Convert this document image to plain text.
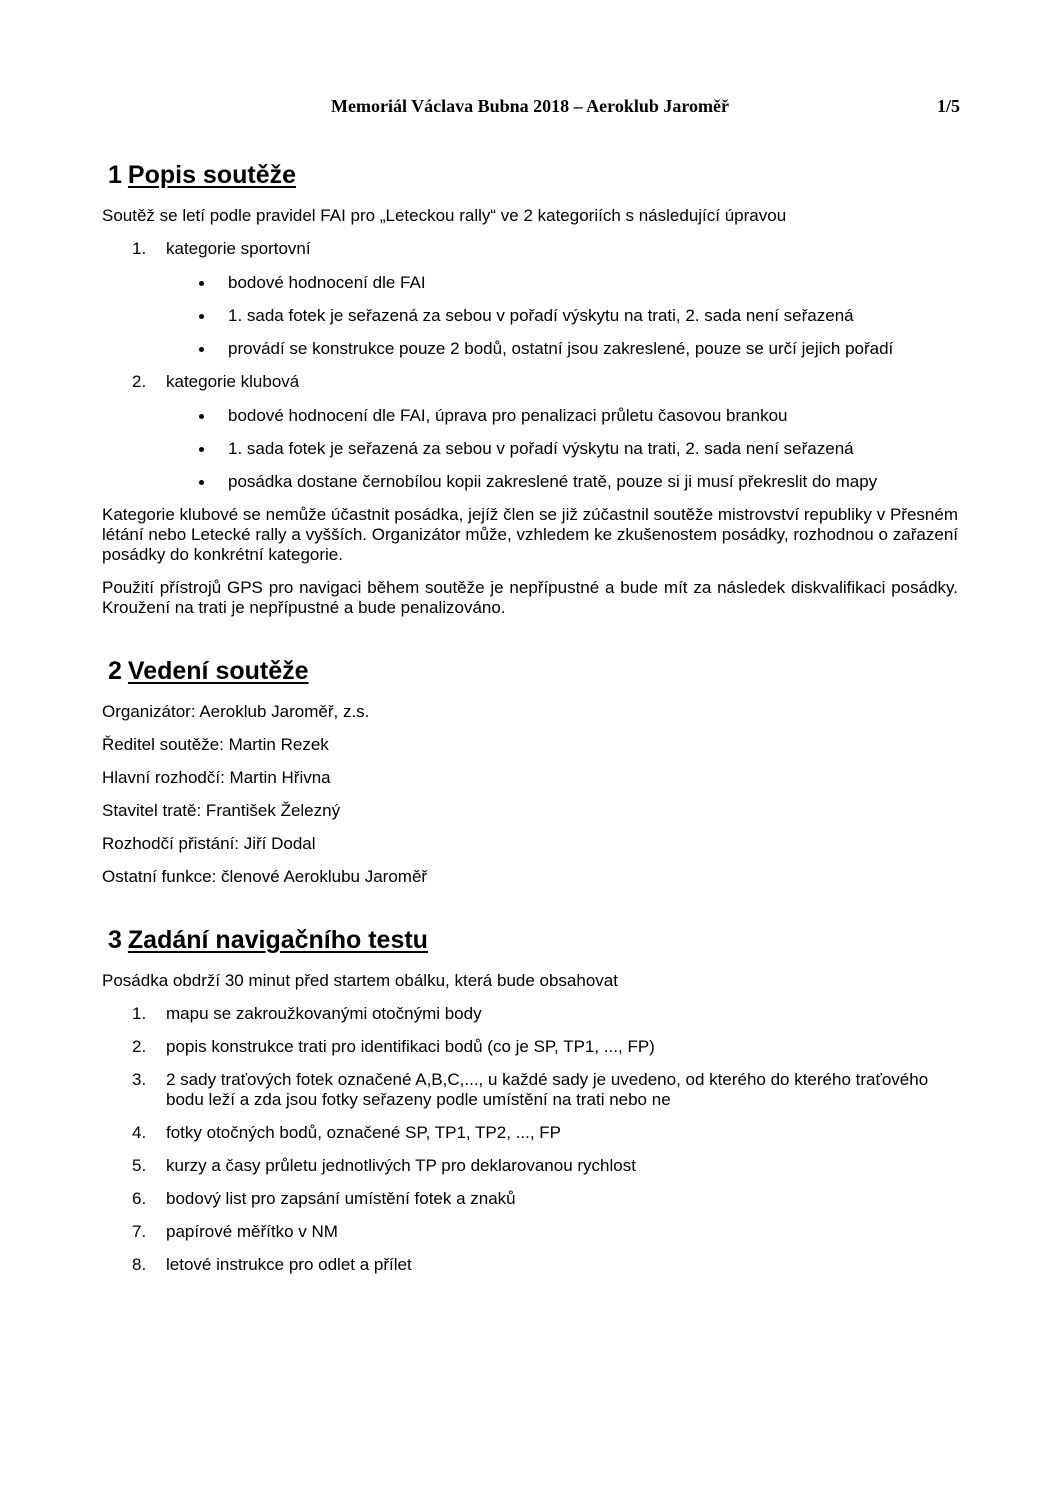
Memoriál Václava Bubna 2018 – Aeroklub Jaroměř	1/5
1 Popis soutěže

Soutěž se letí podle pravidel FAI pro „Leteckou rally“ ve 2 kategoriích s následující úpravou

1. kategorie sportovní
bodové hodnocení dle FAI
1. sada fotek je seřazená za sebou v pořadí výskytu na trati, 2. sada není seřazená
provádí se konstrukce pouze 2 bodů, ostatní jsou zakreslené, pouze se určí jejich pořadí
2. kategorie klubová
bodové hodnocení dle FAI, úprava pro penalizaci průletu časovou brankou
1. sada fotek je seřazená za sebou v pořadí výskytu na trati, 2. sada není seřazená
posádka dostane černobílou kopii zakreslené tratě, pouze si ji musí překreslit do mapy

Kategorie klubové se nemůže účastnit posádka, jejíž člen se již zúčastnil soutěže mistrovství republiky v Přesném létání nebo Letecké rally a vyšších. Organizátor může, vzhledem ke zkušenostem posádky, rozhodnou o zařazení posádky do konkrétní kategorie.

Použití přístrojů GPS pro navigaci během soutěže je nepřípustné a bude mít za následek diskvalifikaci posádky. Kroužení na trati je nepřípustné a bude penalizováno.

2 Vedení soutěže

Organizátor: Aeroklub Jaroměř, z.s.

Ředitel soutěže: Martin Rezek

Hlavní rozhodčí: Martin Hřivna

Stavitel tratě: František Železný

Rozhodčí přistání: Jiří Dodal

Ostatní funkce: členové Aeroklubu Jaroměř

3 Zadání navigačního testu

Posádka obdrží 30 minut před startem obálku, která bude obsahovat

1. mapu se zakroužkovanými otočnými body
2. popis konstrukce trati pro identifikaci bodů (co je SP, TP1, ..., FP)
3. 2 sady traťových fotek označené A,B,C,..., u každé sady je uvedeno, od kterého do kterého traťového bodu leží a zda jsou fotky seřazeny podle umístění na trati nebo ne
4. fotky otočných bodů, označené SP, TP1, TP2, ..., FP
5. kurzy a časy průletu jednotlivých TP pro deklarovanou rychlost
6. bodový list pro zapsání umístění fotek a znaků
7. papírové měřítko v NM
8. letové instrukce pro odlet a přílet
